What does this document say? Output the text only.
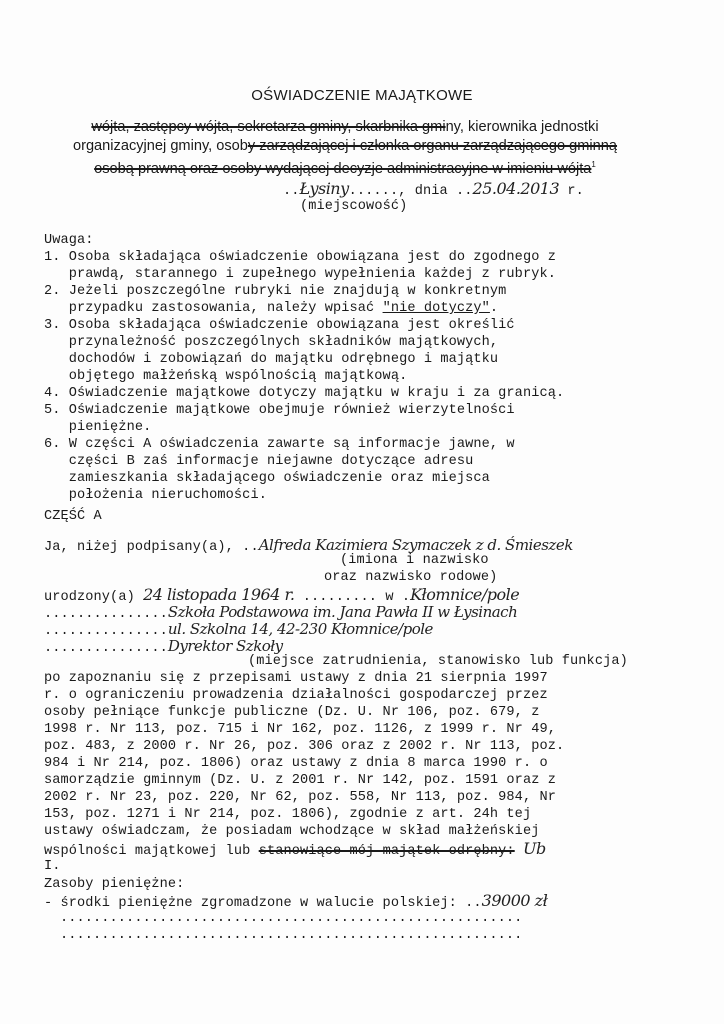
OŚWIADCZENIE MAJĄTKOWE
wójta, zastępcy wójta, sekretarza gminy, skarbnika gminy, kierownika jednostki
organizacyjnej gminy, osoby zarządzającej i członka organu zarządzającego gminną
osobą prawną oraz osoby wydającej decyzje administracyjne w imieniu wójta$^1$
..Łysiny......, dnia ..25.04.2013 r.
(miejscowość)
Uwaga:
1. Osoba składająca oświadczenie obowiązana jest do zgodnego z
prawdą, starannego i zupełnego wypełnienia każdej z rubryk.
2. Jeżeli poszczególne rubryki nie znajdują w konkretnym
przypadku zastosowania, należy wpisać "nie dotyczy".
3. Osoba składająca oświadczenie obowiązana jest określić
przynależność poszczególnych składników majątkowych,
dochodów i zobowiązań do majątku odrębnego i majątku
objętego małżeńską wspólnością majątkową.
4. Oświadczenie majątkowe dotyczy majątku w kraju i za granicą.
5. Oświadczenie majątkowe obejmuje również wierzytelności
pieniężne.
6. W części A oświadczenia zawarte są informacje jawne, w
części B zaś informacje niejawne dotyczące adresu
zamieszkania składającego oświadczenie oraz miejsca
położenia nieruchomości.
CZĘŚĆ A
Ja, niżej podpisany(a), ..Alfreda Kazimiera Szymaczek z d. Śmieszek
(imiona i nazwisko
oraz nazwisko rodowe)
urodzony(a) 24 listopada 1964 r. ......... w .Kłomnice/pole
...............Szkoła Podstawowa im. Jana Pawła II w Łysinach
...............ul. Szkolna 14, 42-230 Kłomnice/pole
...............Dyrektor Szkoły
(miejsce zatrudnienia, stanowisko lub funkcja)
po zapoznaniu się z przepisami ustawy z dnia 21 sierpnia 1997
r. o ograniczeniu prowadzenia działalności gospodarczej przez
osoby pełniące funkcje publiczne (Dz. U. Nr 106, poz. 679, z
1998 r. Nr 113, poz. 715 i Nr 162, poz. 1126, z 1999 r. Nr 49,
poz. 483, z 2000 r. Nr 26, poz. 306 oraz z 2002 r. Nr 113, poz.
984 i Nr 214, poz. 1806) oraz ustawy z dnia 8 marca 1990 r. o
samorządzie gminnym (Dz. U. z 2001 r. Nr 142, poz. 1591 oraz z
2002 r. Nr 23, poz. 220, Nr 62, poz. 558, Nr 113, poz. 984, Nr
153, poz. 1271 i Nr 214, poz. 1806), zgodnie z art. 24h tej
ustawy oświadczam, że posiadam wchodzące w skład małżeńskiej
wspólności majątkowej lub stanowiące mój majątek odrębny: Ub
I.
Zasoby pieniężne:
- środki pieniężne zgromadzone w walucie polskiej: ..39000 zł
........................................................
........................................................
